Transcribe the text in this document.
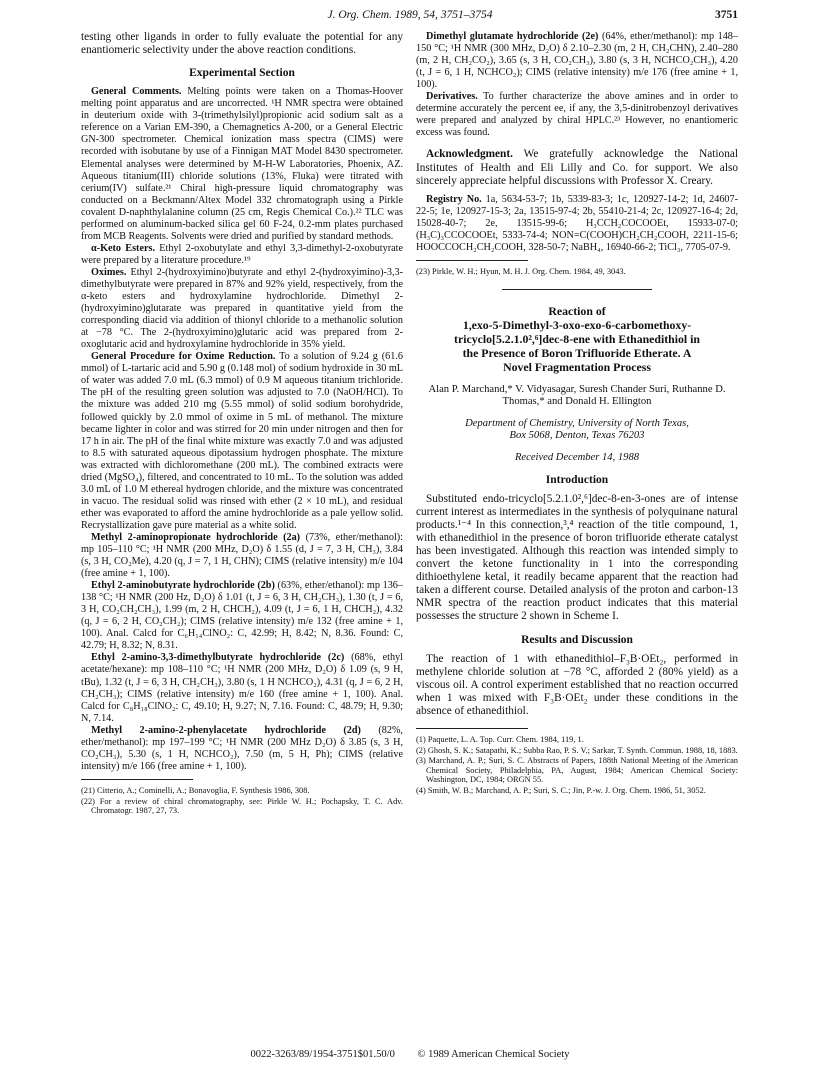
J. Org. Chem. 1989, 54, 3751–3754	3751

testing other ligands in order to fully evaluate the potential for any enantiomeric selectivity under the above reaction conditions.

Experimental Section

General Comments. Melting points were taken on a Thomas-Hoover melting point apparatus and are uncorrected. ¹H NMR spectra were obtained in deuterium oxide with 3-(trimethylsilyl)propionic acid sodium salt as a reference on a Varian EM-390, a Chemagnetics A-200, or a General Electric GN-300 spectrometer. Chemical ionization mass spectra (CIMS) were recorded with isobutane by use of a Finnigan MAT Model 8430 spectrometer. Elemental analyses were determined by M-H-W Laboratories, Phoenix, AZ. Aqueous titanium(III) chloride solutions (13%, Fluka) were titrated with cerium(IV) sulfate.²¹ Chiral high-pressure liquid chromatography was conducted on a Beckmann/Altex Model 332 chromatograph using a Pirkle covalent D-naphthylalanine column (25 cm, Regis Chemical Co.).²² TLC was performed on aluminum-backed silica gel 60 F-24, 0.2-mm plates purchased from MCB Reagents. Solvents were dried and purified by standard methods.

α-Keto Esters. Ethyl 2-oxobutylate and ethyl 3,3-dimethyl-2-oxobutyrate were prepared by a literature procedure.¹⁹

Oximes. Ethyl 2-(hydroxyimino)butyrate and ethyl 2-(hydroxyimino)-3,3-dimethylbutyrate were prepared in 87% and 92% yield, respectively, from the α-keto esters and hydroxylamine hydrochloride. Dimethyl 2-(hydroxyimino)glutarate was prepared in quantitative yield from the corresponding diacid via addition of thionyl chloride to a methanolic solution at −78 °C. The 2-(hydroxyimino)glutaric acid was prepared from 2-oxoglutaric acid and hydroxylamine hydrochloride in 35% yield.

General Procedure for Oxime Reduction. To a solution of 9.24 g (61.6 mmol) of L-tartaric acid and 5.90 g (0.148 mol) of sodium hydroxide in 30 mL of water was added 7.0 mL (6.3 mmol) of 0.9 M aqueous titanium trichloride. The pH of the resulting green solution was adjusted to 7.0 (NaOH/HCl). To the mixture was added 210 mg (5.55 mmol) of solid sodium borohydride, followed quickly by 2.0 mmol of oxime in 5 mL of methanol. The mixture became lighter in color and was stirred for 20 min under nitrogen and then for 17 h in air. The pH of the final white mixture was exactly 7.0 and was adjusted to 8.5 with saturated aqueous dipotassium hydrogen phosphate. The mixture was extracted with dichloromethane (200 mL). The combined extracts were dried (MgSO₄), filtered, and concentrated to 10 mL. To the solution was added 3.0 mL of 1.0 M ethereal hydrogen chloride, and the mixture was concentrated in vacuo. The residual solid was rinsed with ether (2 × 10 mL), and residual ether was evaporated to afford the amine hydrochloride as a pale yellow solid. Recrystallization gave pure material as a white solid.

Methyl 2-aminopropionate hydrochloride (2a) (73%, ether/methanol): mp 105–110 °C; ¹H NMR (200 MHz, D₂O) δ 1.55 (d, J = 7, 3 H, CH₃), 3.84 (s, 3 H, CO₂Me), 4.20 (q, J = 7, 1 H, CHN); CIMS (relative intensity) m/e 104 (free amine + 1, 100).

Ethyl 2-aminobutyrate hydrochloride (2b) (63%, ether/ethanol): mp 136–138 °C; ¹H NMR (200 Hz, D₂O) δ 1.01 (t, J = 6, 3 H, CH₂CH₃), 1.30 (t, J = 6, 3 H, CO₂CH₂CH₃), 1.99 (m, 2 H, CHCH₂), 4.09 (t, J = 6, 1 H, CHCH₂), 4.32 (q, J = 6, 2 H, CO₂CH₂); CIMS (relative intensity) m/e 132 (free amine + 1, 100). Anal. Calcd for C₆H₁₄ClNO₂: C, 42.99; H, 8.42; N, 8.36. Found: C, 42.79; H, 8.32; N, 8.31.

Ethyl 2-amino-3,3-dimethylbutyrate hydrochloride (2c) (68%, ethyl acetate/hexane): mp 108–110 °C; ¹H NMR (200 MHz, D₂O) δ 1.09 (s, 9 H, tBu), 1.32 (t, J = 6, 3 H, CH₂CH₃), 3.80 (s, 1 H NCHCO₂), 4.31 (q, J = 6, 2 H, CH₂CH₃); CIMS (relative intensity) m/e 160 (free amine + 1, 100). Anal. Calcd for C₈H₁₈ClNO₂: C, 49.10; H, 9.27; N, 7.16. Found: C, 48.79; H, 9.30; N, 7.14.

Methyl 2-amino-2-phenylacetate hydrochloride (2d) (82%, ether/methanol): mp 197–199 °C; ¹H NMR (200 MHz D₂O) δ 3.85 (s, 3 H, CO₂CH₃), 5.30 (s, 1 H, NCHCO₂), 7.50 (m, 5 H, Ph); CIMS (relative intensity) m/e 166 (free amine + 1, 100).

(21) Citterio, A.; Cominelli, A.; Bonavoglia, F. Synthesis 1986, 308.

(22) For a review of chiral chromatography, see: Pirkle W. H.; Pochapsky, T. C. Adv. Chromatogr. 1987, 27, 73.

Dimethyl glutamate hydrochloride (2e) (64%, ether/methanol): mp 148–150 °C; ¹H NMR (300 MHz, D₂O) δ 2.10–2.30 (m, 2 H, CH₂CHN), 2.40–280 (m, 2 H, CH₂CO₂), 3.65 (s, 3 H, CO₂CH₃), 3.80 (s, 3 H, NCHCO₂CH₃), 4.20 (t, J = 6, 1 H, NCHCO₂); CIMS (relative intensity) m/e 176 (free amine + 1, 100).

Derivatives. To further characterize the above amines and in order to determine accurately the percent ee, if any, the 3,5-dinitrobenzoyl derivatives were prepared and analyzed by chiral HPLC.²³ However, no enantiomeric excess was found.

Acknowledgment. We gratefully acknowledge the National Institutes of Health and Eli Lilly and Co. for support. We also sincerely appreciate helpful discussions with Professor X. Creary.

Registry No. 1a, 5634-53-7; 1b, 5339-83-3; 1c, 120927-14-2; 1d, 24607-22-5; 1e, 120927-15-3; 2a, 13515-97-4; 2b, 55410-21-4; 2c, 120927-16-4; 2d, 15028-40-7; 2e, 13515-99-6; H₃CCH₂COCOOEt, 15933-07-0; (H₃C)₃CCOCOOEt, 5333-74-4; NON=C(COOH)CH₂CH₂COOH, 2211-15-6; HOOCCOCH₂CH₂COOH, 328-50-7; NaBH₄, 16940-66-2; TiCl₃, 7705-07-9.

(23) Pirkle, W. H.; Hyun, M. H. J. Org. Chem. 1984, 49, 3043.

Reaction of
1,exo-5-Dimethyl-3-oxo-exo-6-carbomethoxy-
tricyclo[5.2.1.0²,⁶]dec-8-ene with Ethanedithiol in
the Presence of Boron Trifluoride Etherate. A
Novel Fragmentation Process
Alan P. Marchand,* V. Vidyasagar, Suresh Chander Suri, Ruthanne D. Thomas,* and Donald H. Ellington
Department of Chemistry, University of North Texas,
Box 5068, Denton, Texas 76203
Received December 14, 1988
Introduction

Substituted endo-tricyclo[5.2.1.0²,⁶]dec-8-en-3-ones are of intense current interest as intermediates in the synthesis of polyquinane natural products.¹⁻⁴ In this connection,³,⁴ reaction of the title compound, 1, with ethanedithiol in the presence of boron trifluoride etherate catalyst has been investigated. Although this reaction was intended simply to convert the ketone functionality in 1 into the corresponding dithioethylene ketal, it readily became apparent that the reaction had taken a different course. Detailed analysis of the proton and carbon-13 NMR spectra of the reaction product indicates that this material possesses the structure 2 shown in Scheme I.

Results and Discussion

The reaction of 1 with ethanedithiol–F₃B·OEt₂, performed in methylene chloride solution at −78 °C, afforded 2 (80% yield) as a viscous oil. A control experiment established that no reaction occurred when 1 was mixed with F₃B·OEt₂ under these conditions in the absence of ethanedithiol.

(1) Paquette, L. A. Top. Curr. Chem. 1984, 119, 1.

(2) Ghosh, S. K.; Satapathi, K.; Subba Rao, P. S. V.; Sarkar, T. Synth. Commun. 1988, 18, 1883.

(3) Marchand, A. P.; Suri, S. C. Abstracts of Papers, 188th National Meeting of the American Chemical Society, Philadelphia, PA, August, 1984; American Chemical Society: Washington, DC, 1984; ORGN 55.

(4) Smith, W. B.; Marchand, A. P.; Suri, S. C.; Jin, P.-w. J. Org. Chem. 1986, 51, 3052.

0022-3263/89/1954-3751$01.50/0 © 1989 American Chemical Society
